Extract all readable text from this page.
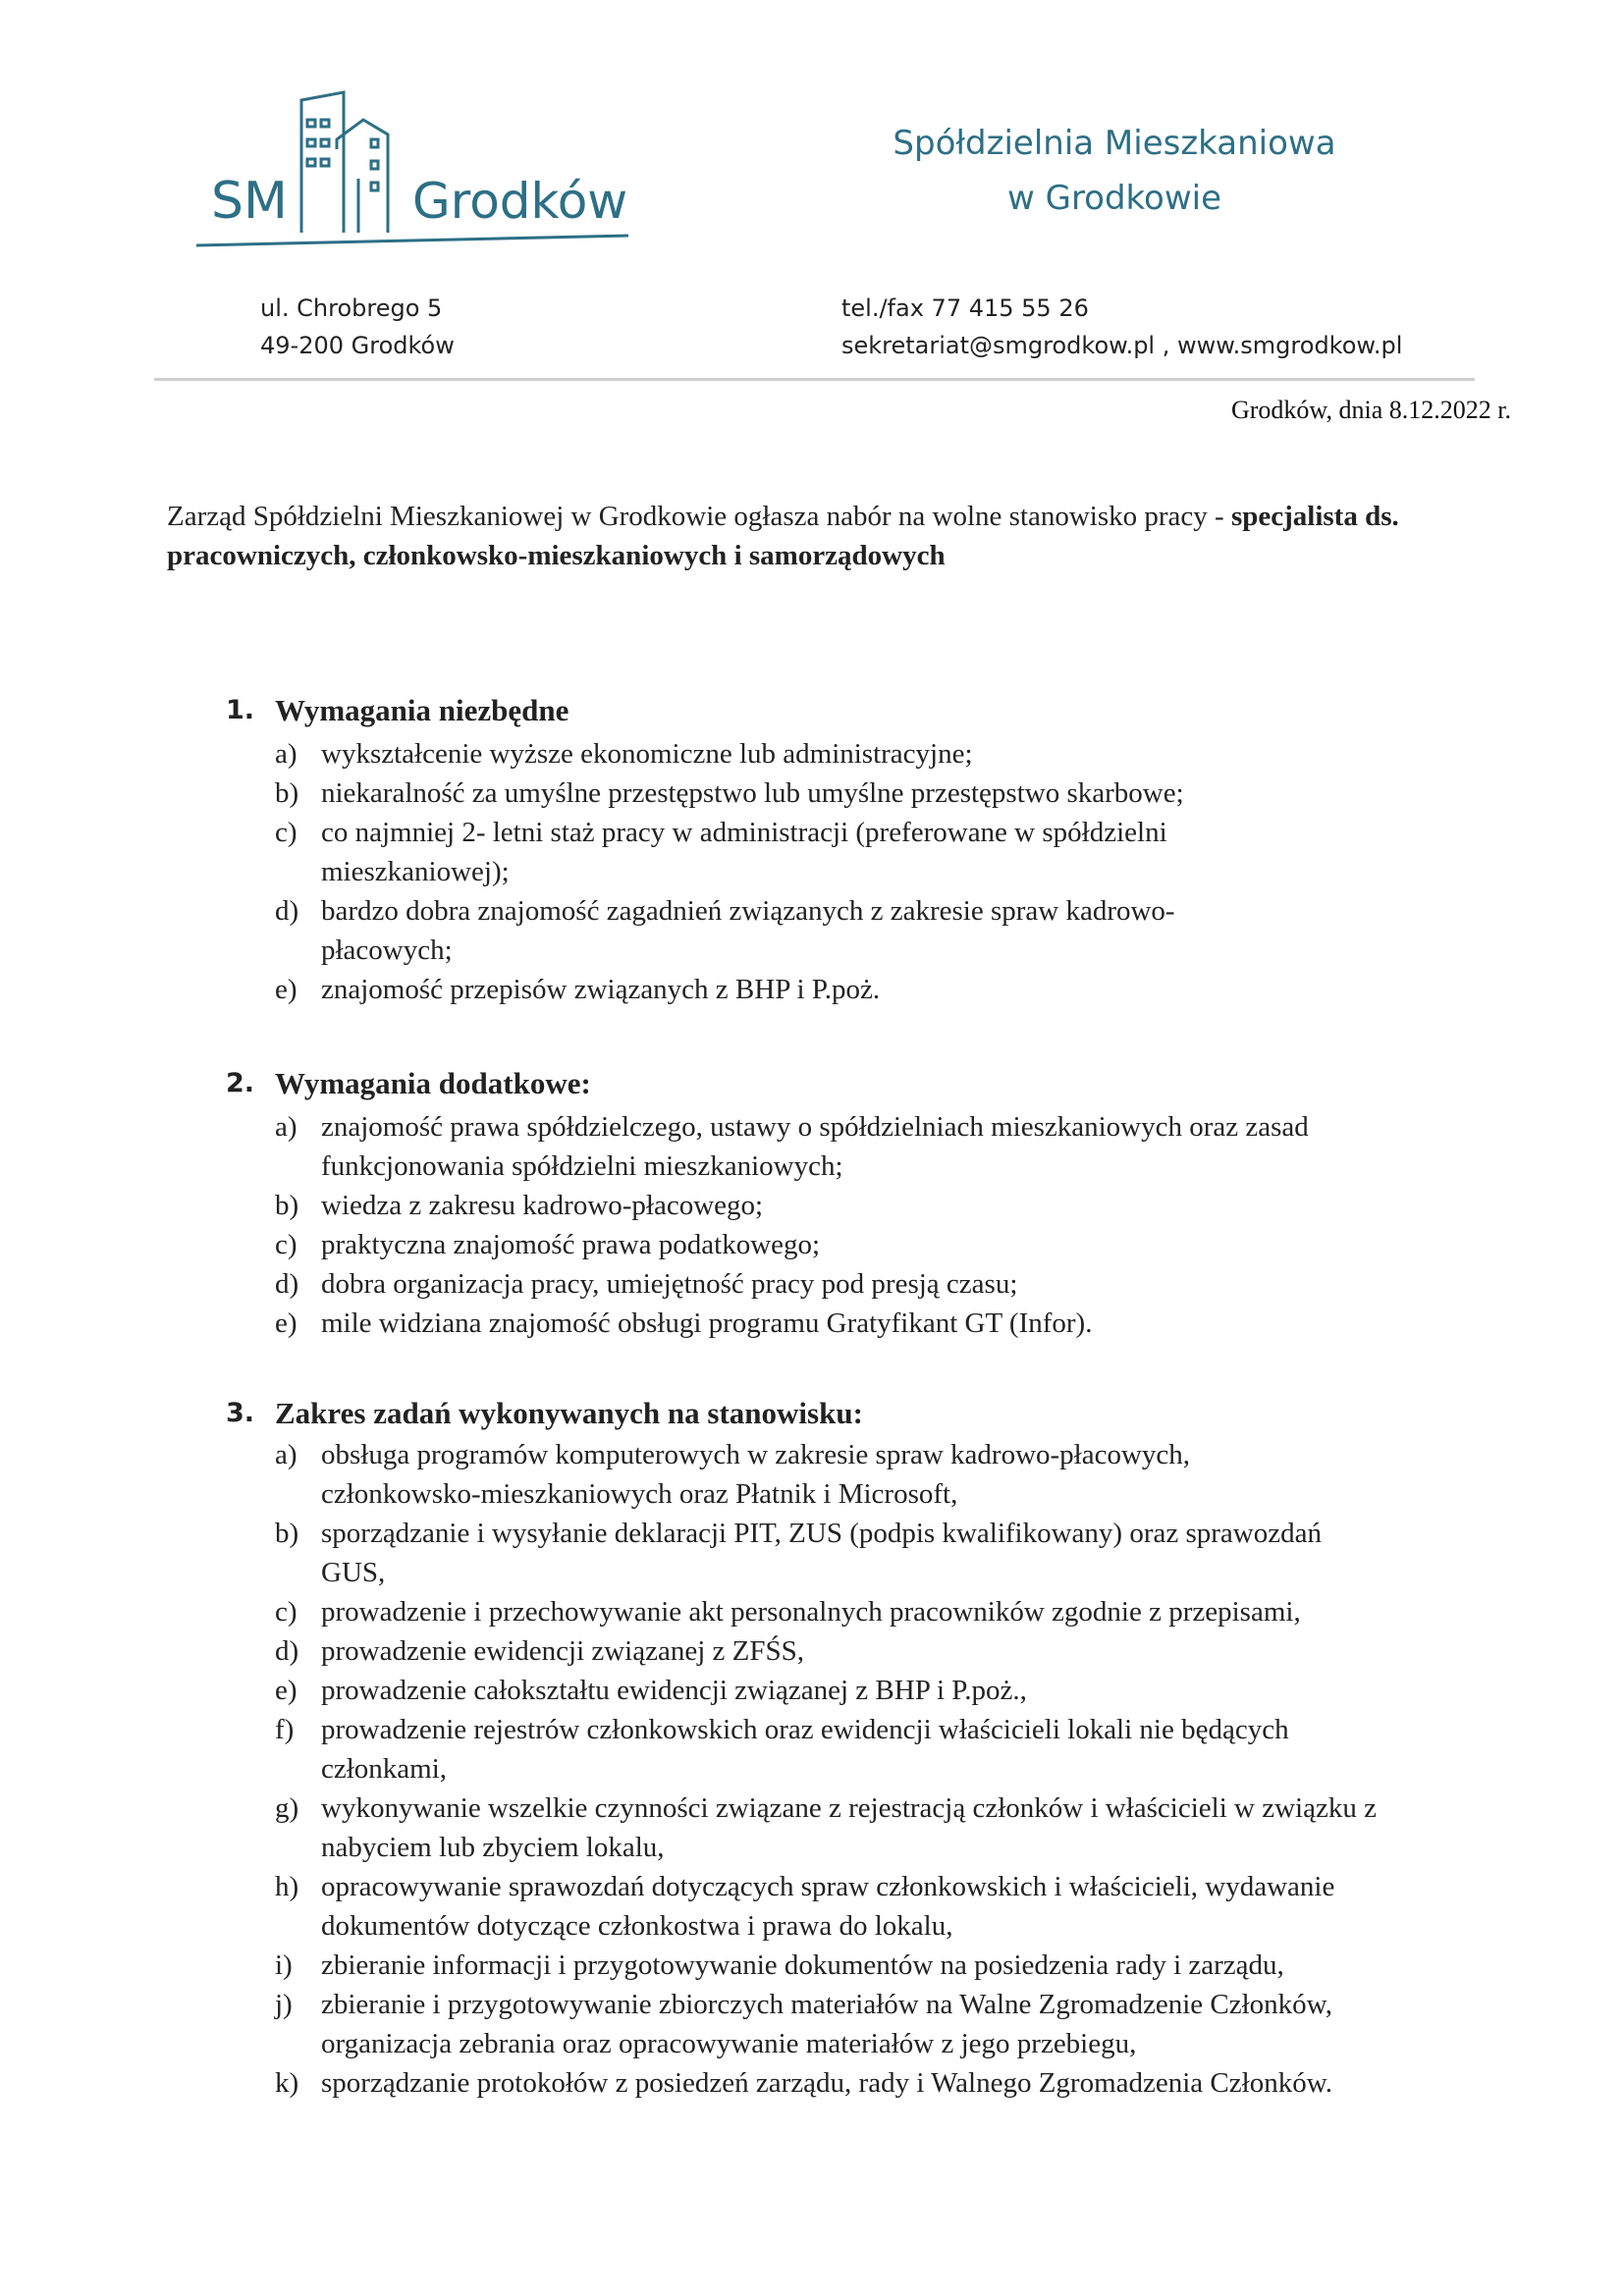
SM	Grodków
Spółdzielnia Mieszkaniowa
w Grodkowie
ul. Chrobrego 5
49-200 Grodków
tel./fax 77 415 55 26
sekretariat@smgrodkow.pl , www.smgrodkow.pl
Grodków, dnia 8.12.2022 r.
Zarząd Spółdzielni Mieszkaniowej w Grodkowie ogłasza nabór na wolne stanowisko pracy - specjalista ds. pracowniczych, członkowsko-mieszkaniowych i samorządowych
1. Wymagania niezbędne
a) wykształcenie wyższe ekonomiczne lub administracyjne;
b) niekaralność za umyślne przestępstwo lub umyślne przestępstwo skarbowe;
c) co najmniej 2- letni staż pracy w administracji (preferowane w spółdzielni mieszkaniowej);
d) bardzo dobra znajomość zagadnień związanych z zakresie spraw kadrowo-płacowych;
e) znajomość przepisów związanych z BHP i P.poż.
2. Wymagania dodatkowe:
a) znajomość prawa spółdzielczego, ustawy o spółdzielniach mieszkaniowych oraz zasad funkcjonowania spółdzielni mieszkaniowych;
b) wiedza z zakresu kadrowo-płacowego;
c) praktyczna znajomość prawa podatkowego;
d) dobra organizacja pracy, umiejętność pracy pod presją czasu;
e) mile widziana znajomość obsługi programu Gratyfikant GT (Infor).
3. Zakres zadań wykonywanych na stanowisku:
a) obsługa programów komputerowych w zakresie spraw kadrowo-płacowych, członkowsko-mieszkaniowych oraz Płatnik i Microsoft,
b) sporządzanie i wysyłanie deklaracji PIT, ZUS (podpis kwalifikowany) oraz sprawozdań GUS,
c) prowadzenie i przechowywanie akt personalnych pracowników zgodnie z przepisami,
d) prowadzenie ewidencji związanej z ZFŚS,
e) prowadzenie całokształtu ewidencji związanej z BHP i P.poż.,
f) prowadzenie rejestrów członkowskich oraz ewidencji właścicieli lokali nie będących członkami,
g) wykonywanie wszelkie czynności związane z rejestracją członków i właścicieli w związku z nabyciem lub zbyciem lokalu,
h) opracowywanie sprawozdań dotyczących spraw członkowskich i właścicieli, wydawanie dokumentów dotyczące członkostwa i prawa do lokalu,
i)	zbieranie informacji i przygotowywanie dokumentów na posiedzenia rady i zarządu,
j)	zbieranie i przygotowywanie zbiorczych materiałów na Walne Zgromadzenie Członków, organizacja zebrania oraz opracowywanie materiałów z jego przebiegu,
k) sporządzanie protokołów z posiedzeń zarządu, rady i Walnego Zgromadzenia Członków.
